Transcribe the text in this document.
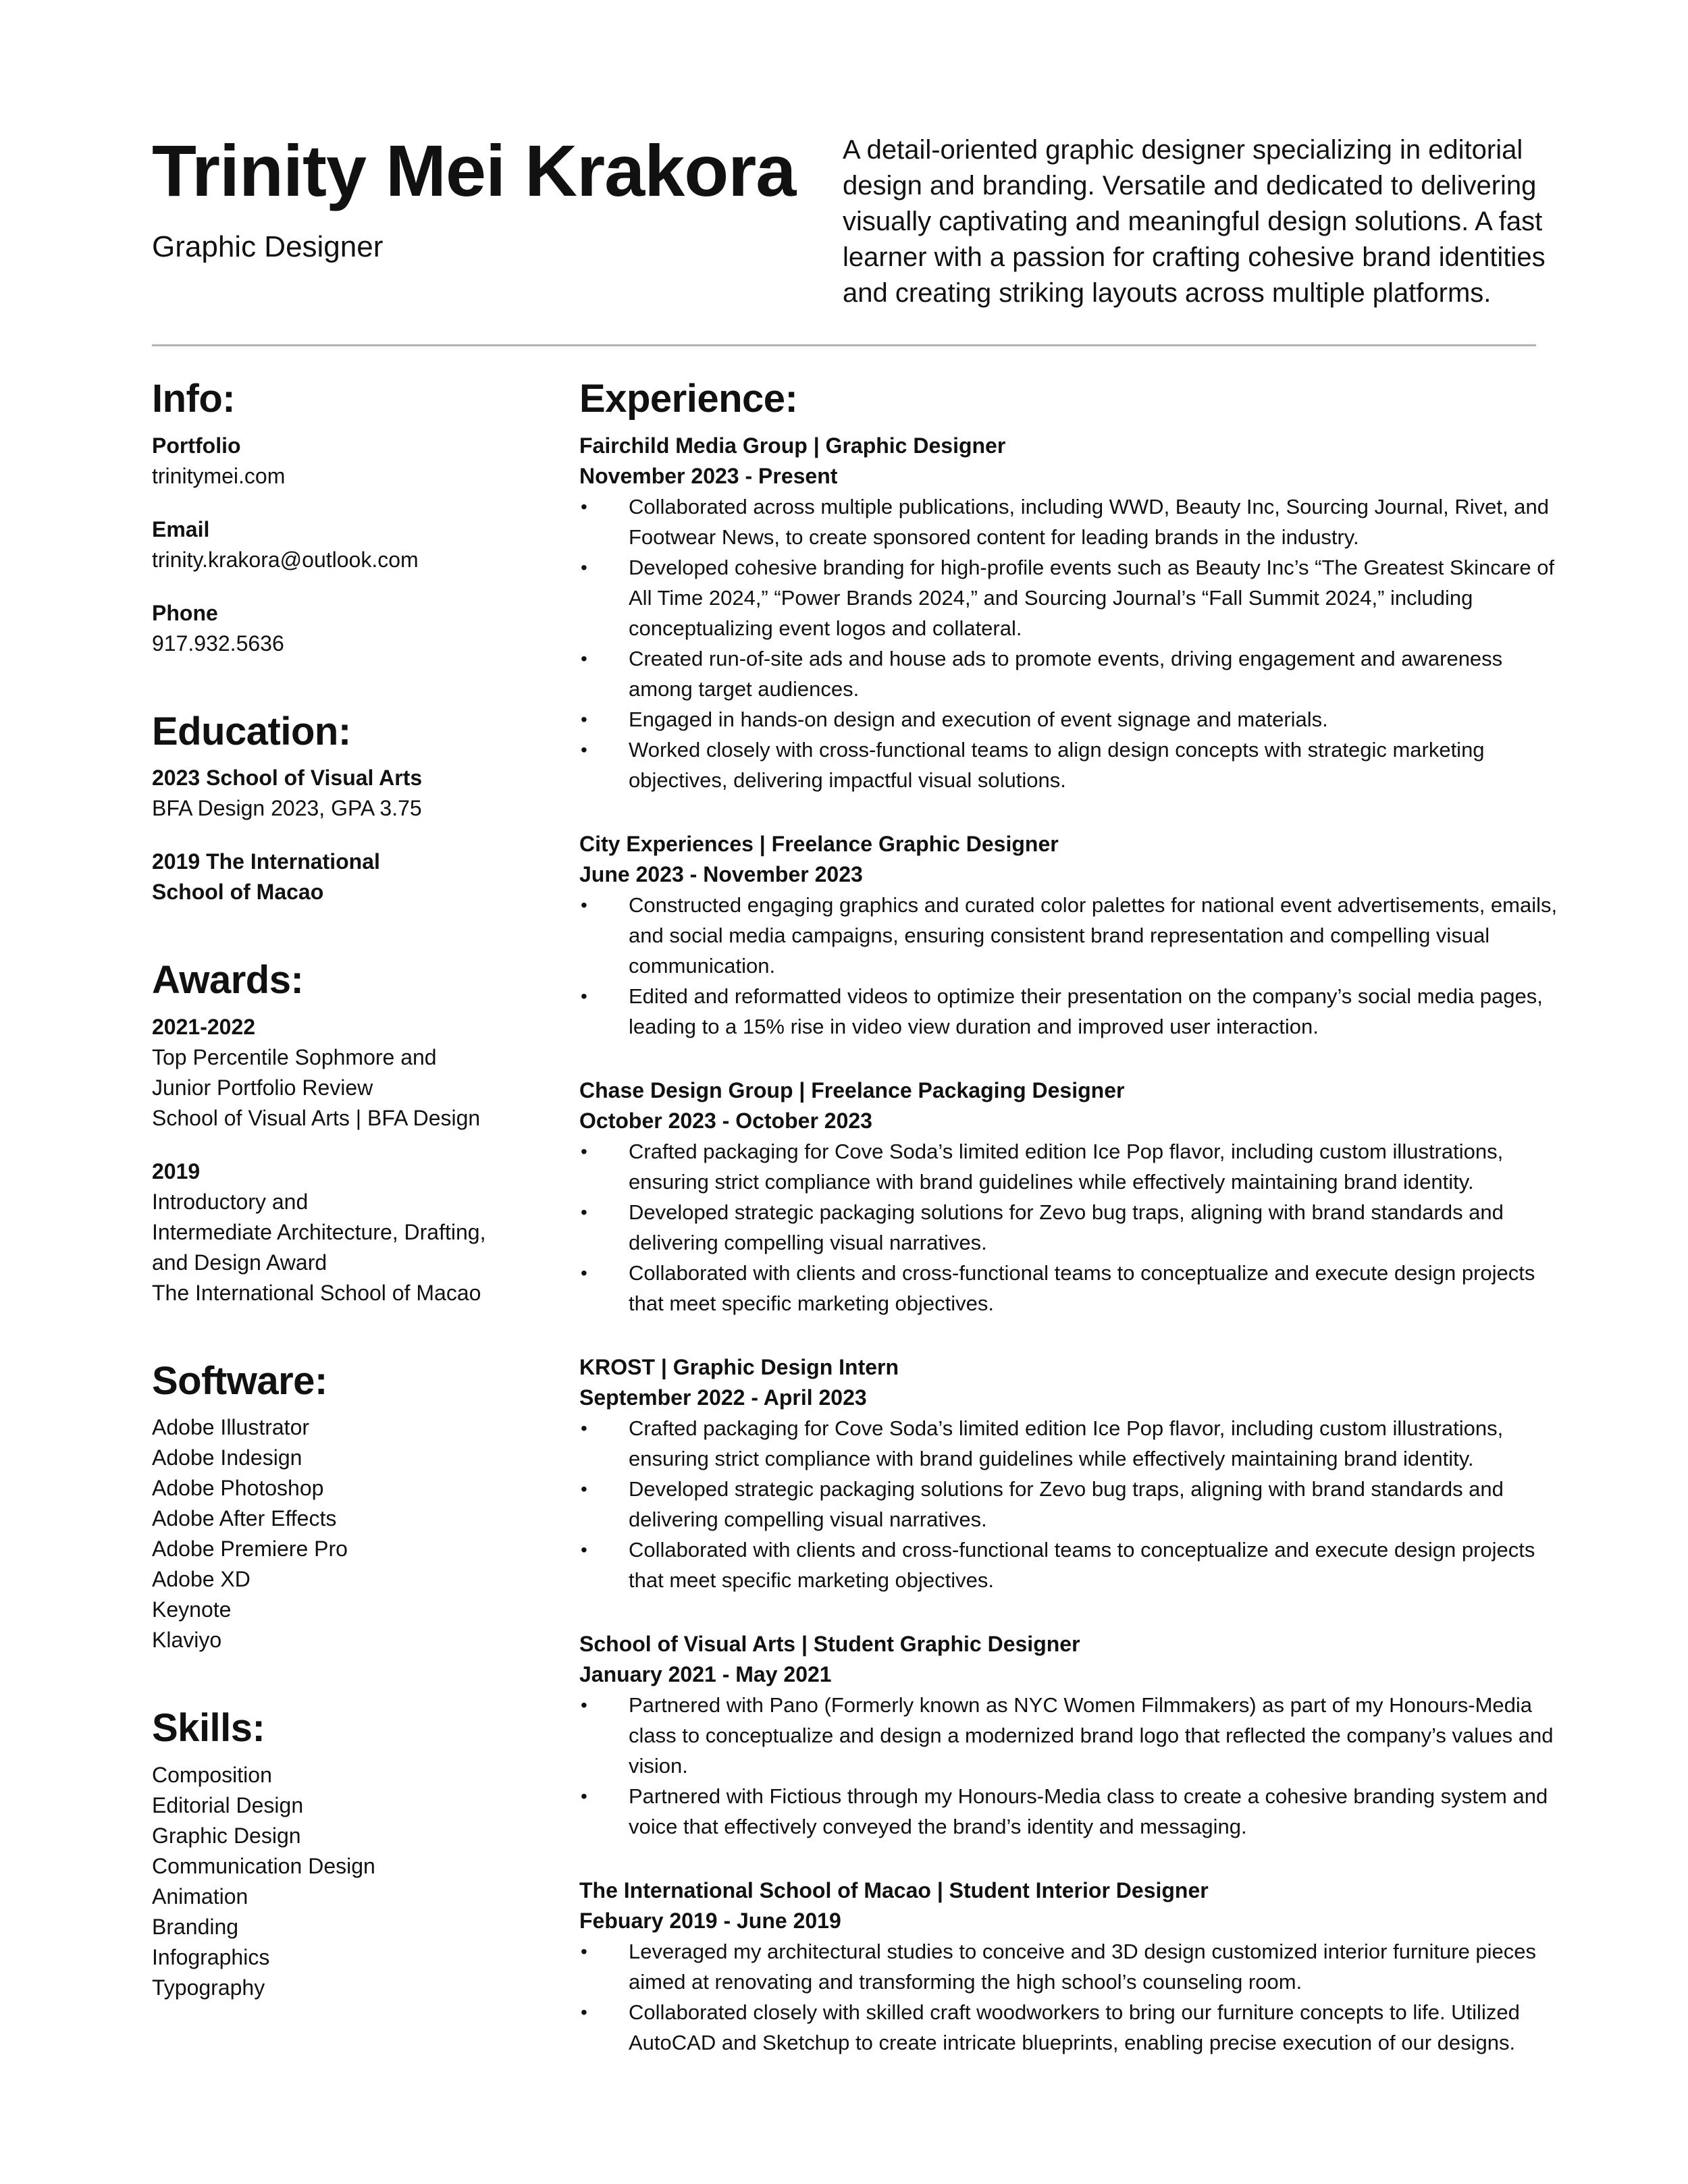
Trinity Mei Krakora
Graphic Designer

A detail-oriented graphic designer specializing in editorial design and branding. Versatile and dedicated to delivering visually captivating and meaningful design solutions. A fast learner with a passion for crafting cohesive brand identities and creating striking layouts across multiple platforms.

Info:
Portfolio
trinitymei.com
Email
trinity.krakora@outlook.com
Phone
917.932.5636
Education:
2023 School of Visual Arts
BFA Design 2023, GPA 3.75
2019 The International
School of Macao
Awards:
2021-2022
Top Percentile Sophmore and
Junior Portfolio Review
School of Visual Arts | BFA Design
2019
Introductory and
Intermediate Architecture, Drafting,
and Design Award
The International School of Macao
Software:
Adobe Illustrator
Adobe Indesign
Adobe Photoshop
Adobe After Effects
Adobe Premiere Pro
Adobe XD
Keynote
Klaviyo
Skills:
Composition
Editorial Design
Graphic Design
Communication Design
Animation
Branding
Infographics
Typography
Experience:
Fairchild Media Group | Graphic Designer
November 2023 - Present
• Collaborated across multiple publications, including WWD, Beauty Inc, Sourcing Journal, Rivet, and Footwear News, to create sponsored content for leading brands in the industry.
• Developed cohesive branding for high-profile events such as Beauty Inc’s “The Greatest Skincare of All Time 2024,” “Power Brands 2024,” and Sourcing Journal’s “Fall Summit 2024,” including conceptualizing event logos and collateral.
• Created run-of-site ads and house ads to promote events, driving engagement and awareness among target audiences.
• Engaged in hands-on design and execution of event signage and materials.
• Worked closely with cross-functional teams to align design concepts with strategic marketing objectives, delivering impactful visual solutions.
City Experiences | Freelance Graphic Designer
June 2023 - November 2023
• Constructed engaging graphics and curated color palettes for national event advertisements, emails, and social media campaigns, ensuring consistent brand representation and compelling visual communication.
• Edited and reformatted videos to optimize their presentation on the company’s social media pages, leading to a 15% rise in video view duration and improved user interaction.
Chase Design Group | Freelance Packaging Designer
October 2023 - October 2023
• Crafted packaging for Cove Soda’s limited edition Ice Pop flavor, including custom illustrations, ensuring strict compliance with brand guidelines while effectively maintaining brand identity.
• Developed strategic packaging solutions for Zevo bug traps, aligning with brand standards and delivering compelling visual narratives.
• Collaborated with clients and cross-functional teams to conceptualize and execute design projects that meet specific marketing objectives.
KROST | Graphic Design Intern
September 2022 - April 2023
• Crafted packaging for Cove Soda’s limited edition Ice Pop flavor, including custom illustrations, ensuring strict compliance with brand guidelines while effectively maintaining brand identity.
• Developed strategic packaging solutions for Zevo bug traps, aligning with brand standards and delivering compelling visual narratives.
• Collaborated with clients and cross-functional teams to conceptualize and execute design projects that meet specific marketing objectives.
School of Visual Arts | Student Graphic Designer
January 2021 - May 2021
• Partnered with Pano (Formerly known as NYC Women Filmmakers) as part of my Honours-Media class to conceptualize and design a modernized brand logo that reflected the company’s values and vision.
• Partnered with Fictious through my Honours-Media class to create a cohesive branding system and voice that effectively conveyed the brand’s identity and messaging.
The International School of Macao | Student Interior Designer
Febuary 2019 - June 2019
• Leveraged my architectural studies to conceive and 3D design customized interior furniture pieces aimed at renovating and transforming the high school’s counseling room.
• Collaborated closely with skilled craft woodworkers to bring our furniture concepts to life. Utilized AutoCAD and Sketchup to create intricate blueprints, enabling precise execution of our designs.
